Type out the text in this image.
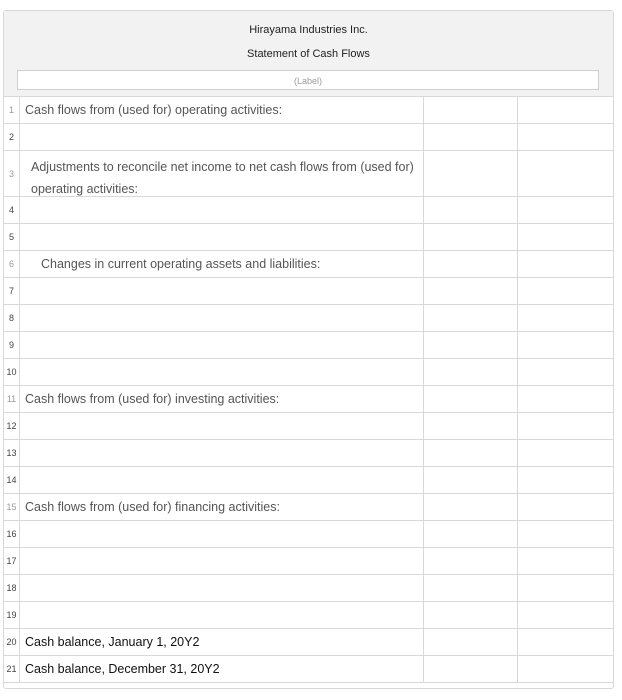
Hirayama Industries Inc.
Statement of Cash Flows
(Label)
1 Cash flows from (used for) operating activities:
2
3	Adjustments to reconcile net income to net cash flows from (used for) operating activities:
4
5
6	Changes in current operating assets and liabilities:
7
8
9
10
11 Cash flows from (used for) investing activities:
12
13
14
15 Cash flows from (used for) financing activities:
16
17
18
19
20 Cash balance, January 1, 20Y2
21 Cash balance, December 31, 20Y2
